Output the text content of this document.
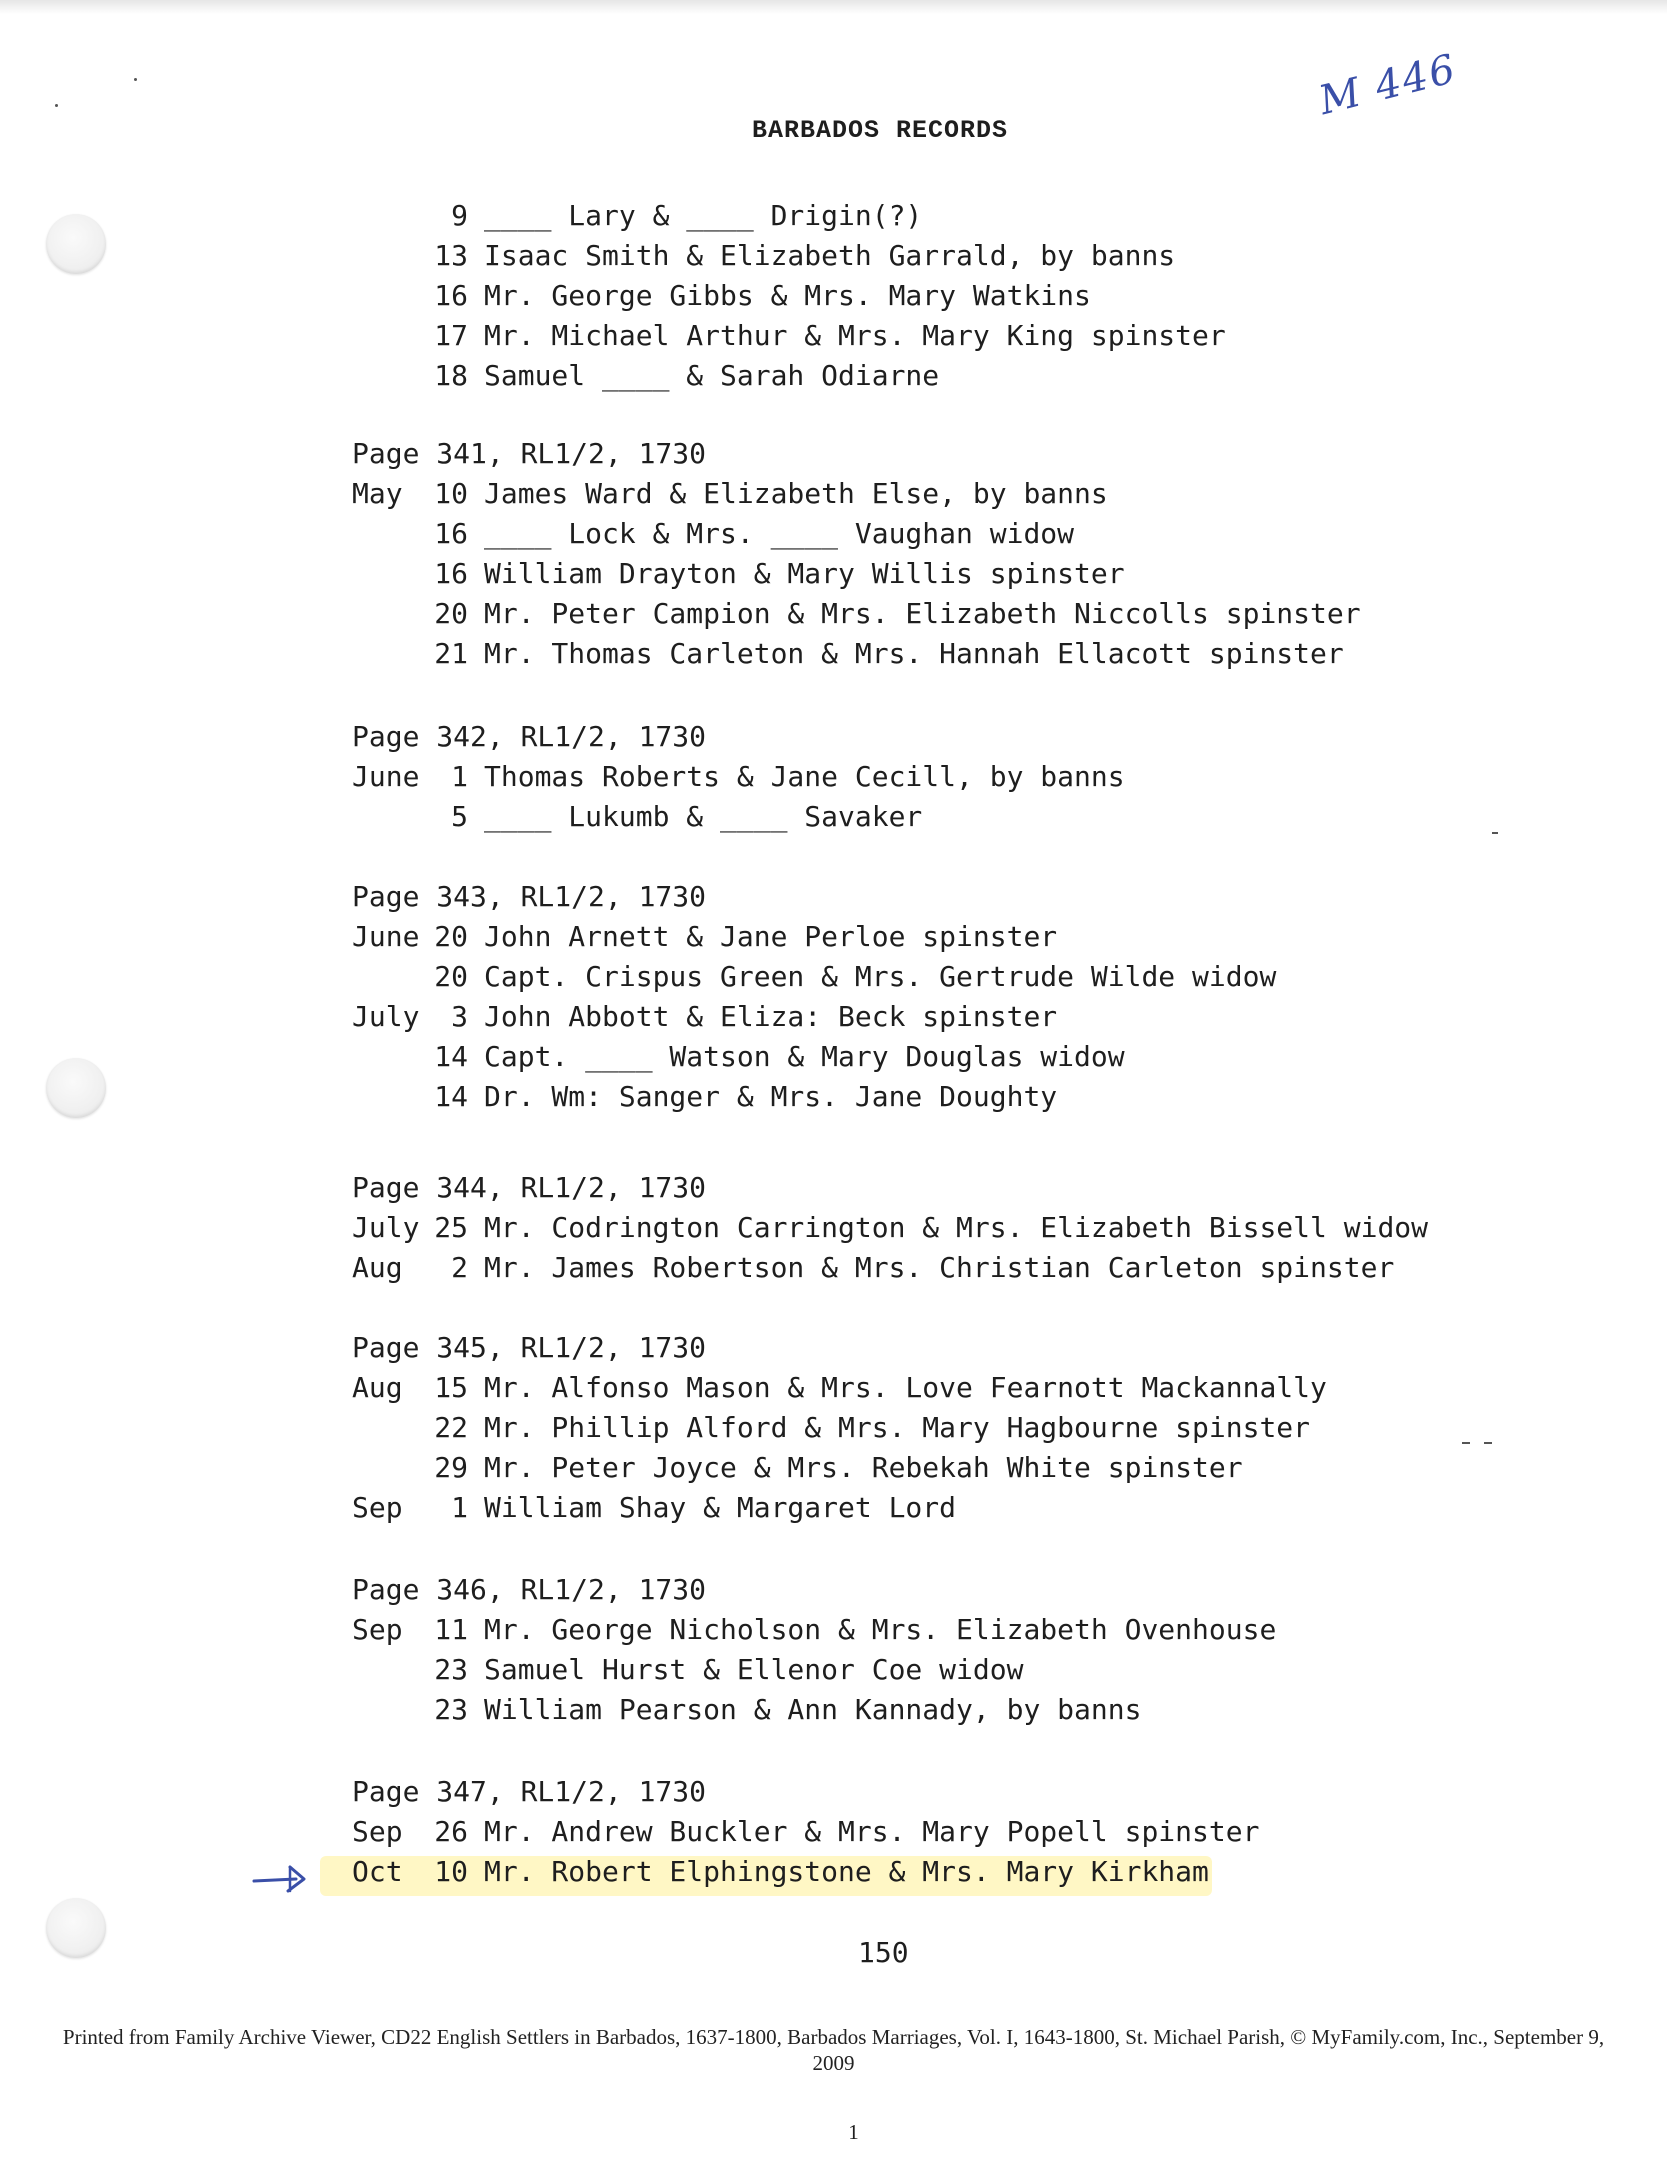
M 446
BARBADOS RECORDS
9 ____ Lary & ____ Drigin(?)
13 Isaac Smith & Elizabeth Garrald, by banns
16 Mr. George Gibbs & Mrs. Mary Watkins
17 Mr. Michael Arthur & Mrs. Mary King spinster
18 Samuel ____ & Sarah Odiarne
Page 341, RL1/2, 1730
May	10 James Ward & Elizabeth Else, by banns
16 ____ Lock & Mrs. ____ Vaughan widow
16 William Drayton & Mary Willis spinster
20 Mr. Peter Campion & Mrs. Elizabeth Niccolls spinster
21 Mr. Thomas Carleton & Mrs. Hannah Ellacott spinster
Page 342, RL1/2, 1730
June	1 Thomas Roberts & Jane Cecill, by banns
5 ____ Lukumb & ____ Savaker
Page 343, RL1/2, 1730
June 20 John Arnett & Jane Perloe spinster
20 Capt. Crispus Green & Mrs. Gertrude Wilde widow
July	3 John Abbott & Eliza: Beck spinster
14 Capt. ____ Watson & Mary Douglas widow
14 Dr. Wm: Sanger & Mrs. Jane Doughty
Page 344, RL1/2, 1730
July 25 Mr. Codrington Carrington & Mrs. Elizabeth Bissell widow
Aug	2 Mr. James Robertson & Mrs. Christian Carleton spinster
Page 345, RL1/2, 1730
Aug	15 Mr. Alfonso Mason & Mrs. Love Fearnott Mackannally
22 Mr. Phillip Alford & Mrs. Mary Hagbourne spinster
29 Mr. Peter Joyce & Mrs. Rebekah White spinster
Sep	1 William Shay & Margaret Lord
Page 346, RL1/2, 1730
Sep	11 Mr. George Nicholson & Mrs. Elizabeth Ovenhouse
23 Samuel Hurst & Ellenor Coe widow
23 William Pearson & Ann Kannady, by banns
Page 347, RL1/2, 1730
Sep	26 Mr. Andrew Buckler & Mrs. Mary Popell spinster
Oct	10 Mr. Robert Elphingstone & Mrs. Mary Kirkham
150
Printed from Family Archive Viewer, CD22 English Settlers in Barbados, 1637-1800, Barbados Marriages, Vol. I, 1643-1800, St. Michael Parish, © MyFamily.com, Inc., September 9, 2009
1
